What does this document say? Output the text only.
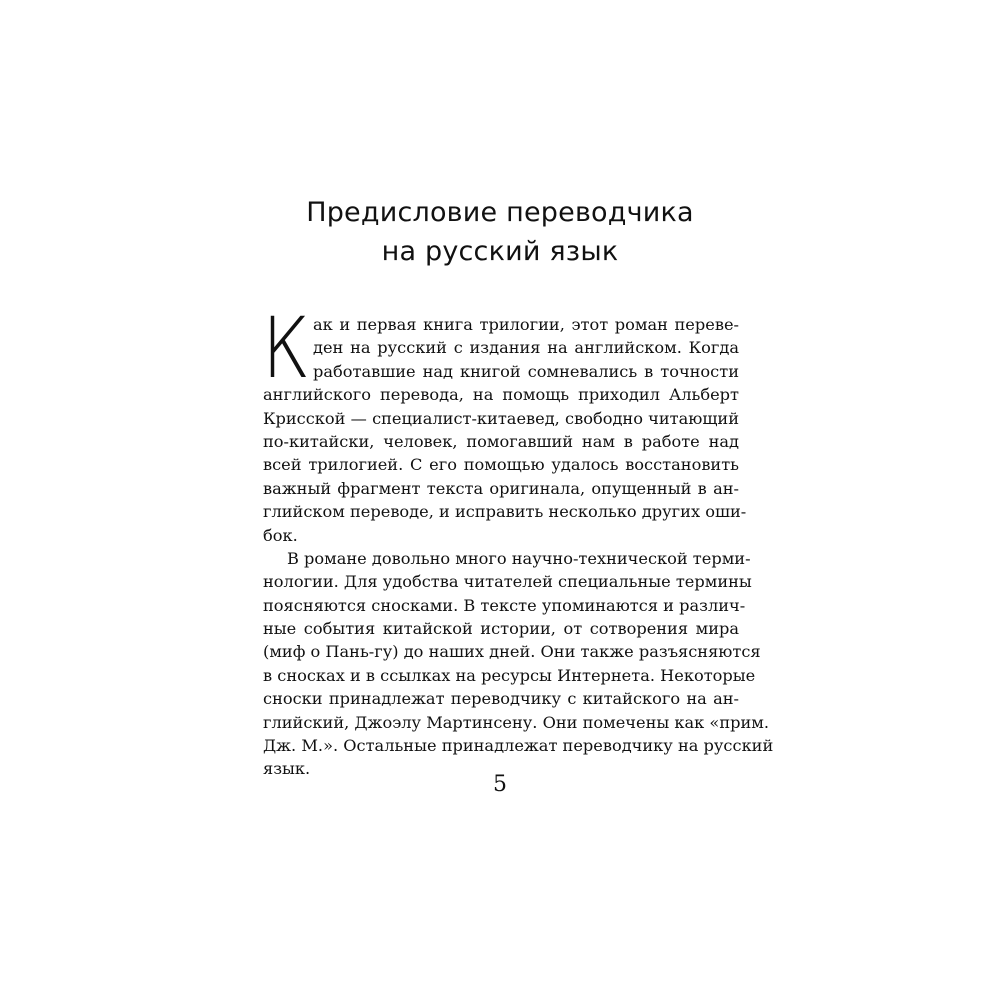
Предисловие переводчика
на русский язык
К ак и первая книга трилогии, этот роман переве-
ден на русский с издания на английском. Когда
работавшие над книгой сомневались в точности
английского перевода, на помощь приходил Альберт
Крисской — специалист-китаевед, свободно читающий
по-китайски, человек, помогавший нам в работе над
всей трилогией. С его помощью удалось восстановить
важный фрагмент текста оригинала, опущенный в ан-
глийском переводе, и исправить несколько других оши-
бок.
В романе довольно много научно-технической терми-
нологии. Для удобства читателей специальные термины
поясняются сносками. В тексте упоминаются и различ-
ные события китайской истории, от сотворения мира
(миф о Пань-гу) до наших дней. Они также разъясняются
в сносках и в ссылках на ресурсы Интернета. Некоторые
сноски принадлежат переводчику с китайского на ан-
глийский, Джоэлу Мартинсену. Они помечены как «прим.
Дж. М.». Остальные принадлежат переводчику на русский
язык.
5
